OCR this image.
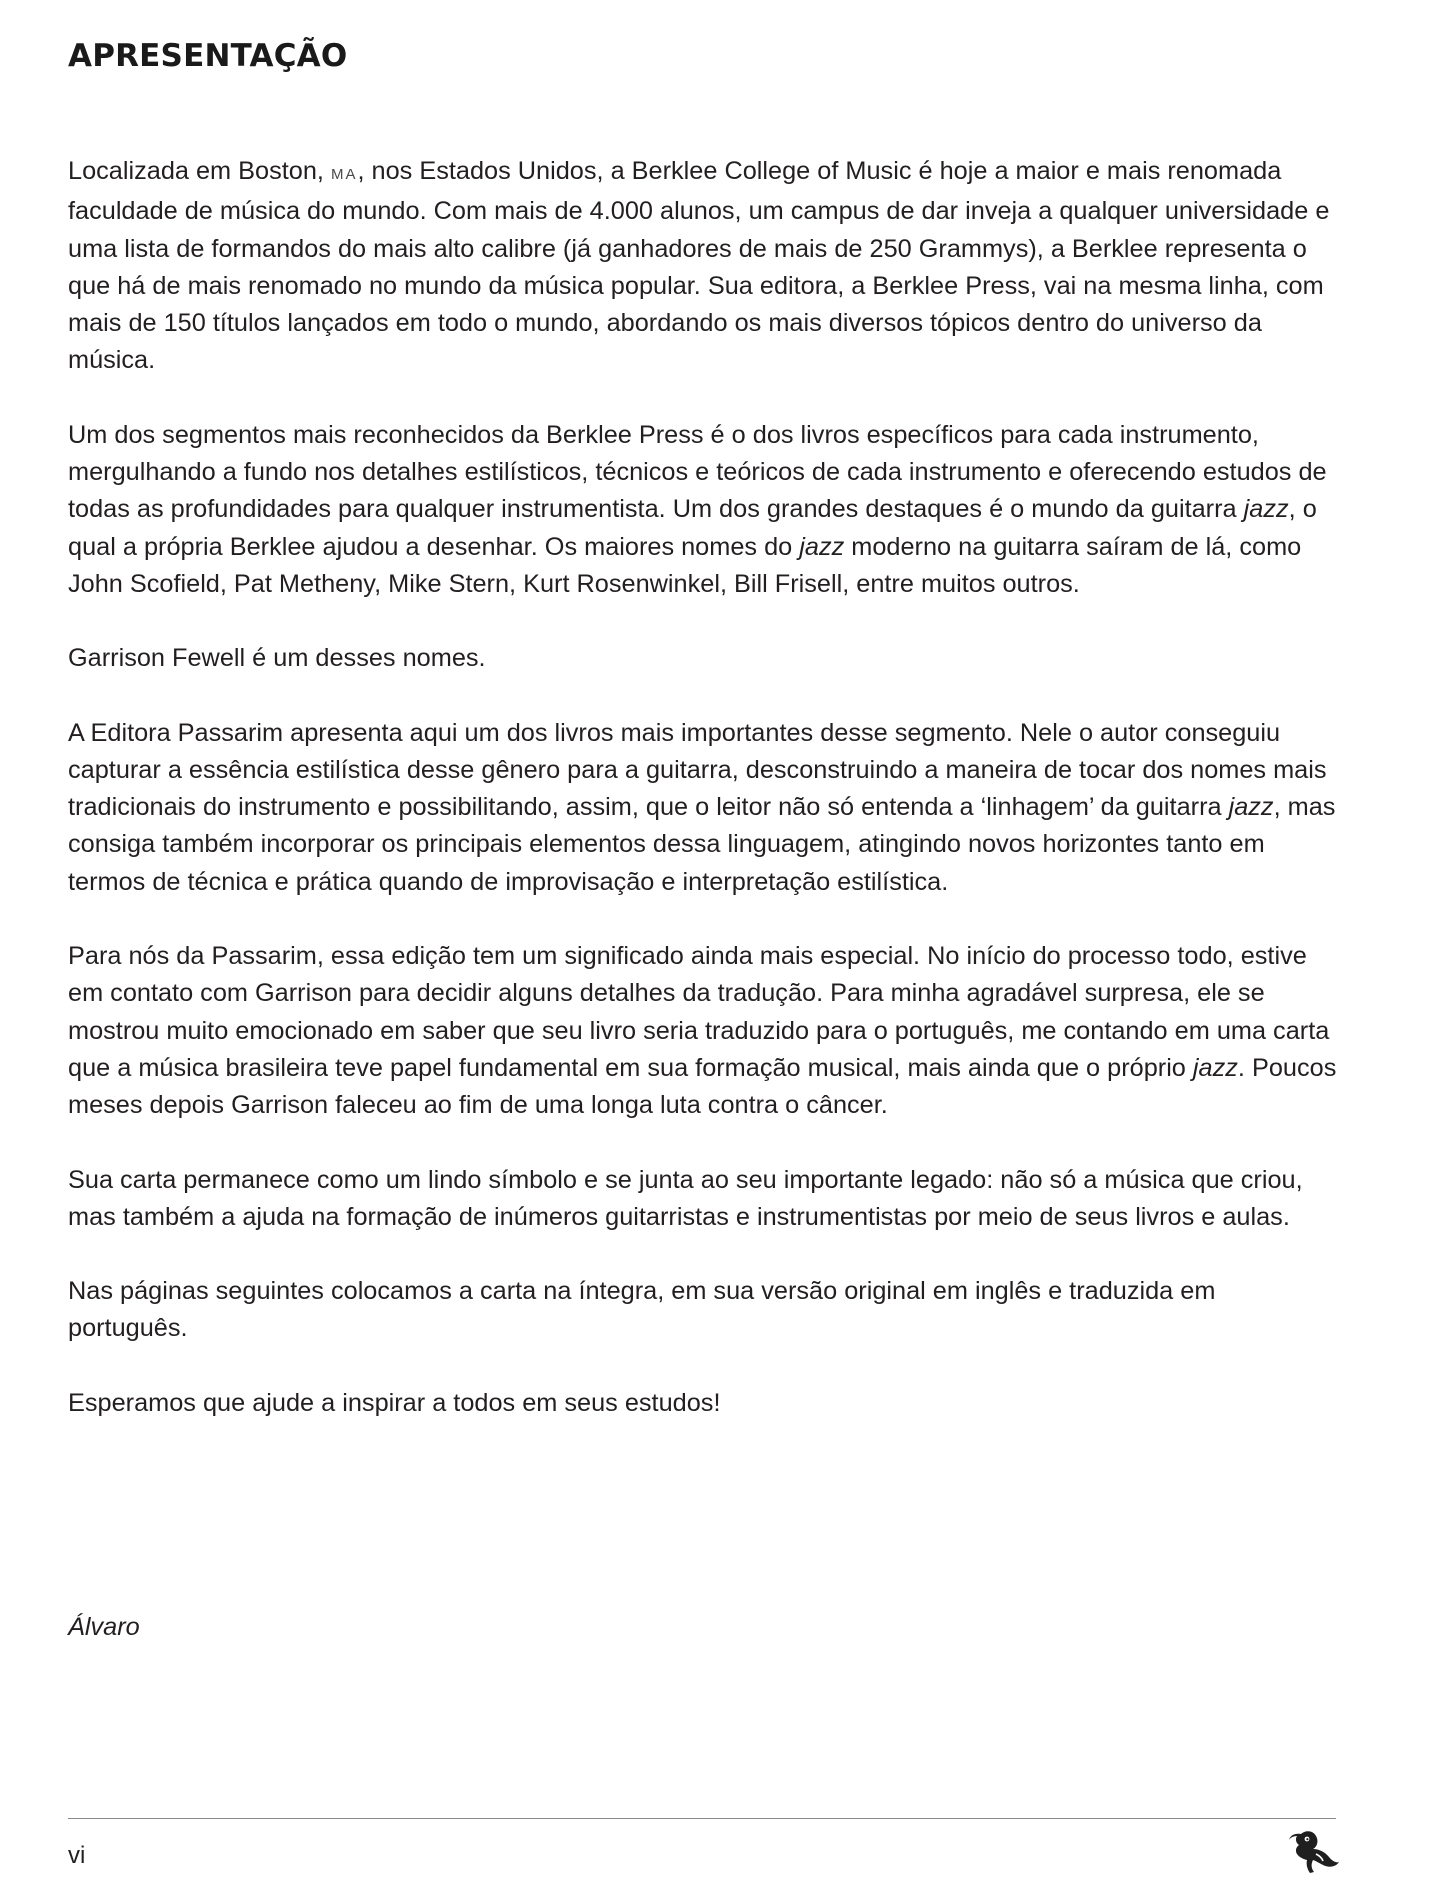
APRESENTAÇÃO

Localizada em Boston, MA, nos Estados Unidos, a Berklee College of Music é hoje a maior e mais renomada faculdade de música do mundo. Com mais de 4.000 alunos, um campus de dar inveja a qualquer universidade e uma lista de formandos do mais alto calibre (já ganhadores de mais de 250 Grammys), a Berklee representa o que há de mais renomado no mundo da música popular. Sua editora, a Berklee Press, vai na mesma linha, com mais de 150 títulos lançados em todo o mundo, abordando os mais diversos tópicos dentro do universo da música.

Um dos segmentos mais reconhecidos da Berklee Press é o dos livros específicos para cada instrumento, mergulhando a fundo nos detalhes estilísticos, técnicos e teóricos de cada instrumento e oferecendo estudos de todas as profundidades para qualquer instrumentista. Um dos grandes destaques é o mundo da guitarra jazz, o qual a própria Berklee ajudou a desenhar. Os maiores nomes do jazz moderno na guitarra saíram de lá, como John Scofield, Pat Metheny, Mike Stern, Kurt Rosenwinkel, Bill Frisell, entre muitos outros.

Garrison Fewell é um desses nomes.

A Editora Passarim apresenta aqui um dos livros mais importantes desse segmento. Nele o autor conseguiu capturar a essência estilística desse gênero para a guitarra, desconstruindo a maneira de tocar dos nomes mais tradicionais do instrumento e possibilitando, assim, que o leitor não só entenda a ‘linhagem’ da guitarra jazz, mas consiga também incorporar os principais elementos dessa linguagem, atingindo novos horizontes tanto em termos de técnica e prática quando de improvisação e interpretação estilística.

Para nós da Passarim, essa edição tem um significado ainda mais especial. No início do processo todo, estive em contato com Garrison para decidir alguns detalhes da tradução. Para minha agradável surpresa, ele se mostrou muito emocionado em saber que seu livro seria traduzido para o português, me contando em uma carta que a música brasileira teve papel fundamental em sua formação musical, mais ainda que o próprio jazz. Poucos meses depois Garrison faleceu ao fim de uma longa luta contra o câncer.

Sua carta permanece como um lindo símbolo e se junta ao seu importante legado: não só a música que criou, mas também a ajuda na formação de inúmeros guitarristas e instrumentistas por meio de seus livros e aulas.

Nas páginas seguintes colocamos a carta na íntegra, em sua versão original em inglês e traduzida em português.

Esperamos que ajude a inspirar a todos em seus estudos!

Álvaro

vi
